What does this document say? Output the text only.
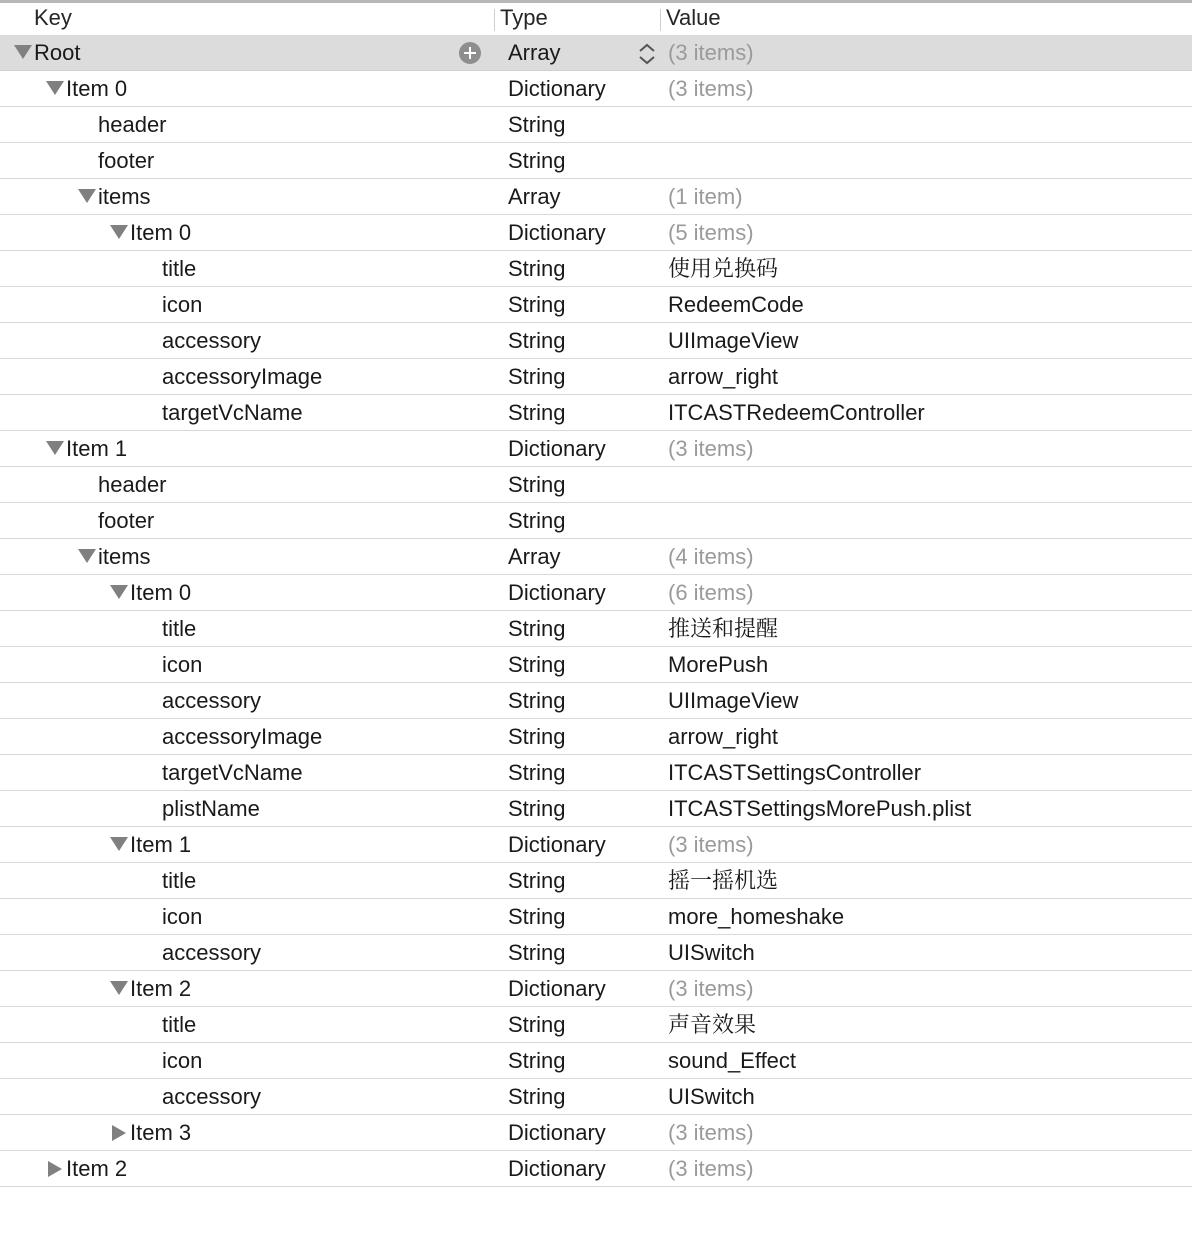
Key	Type	Value
Root	Array	(3 items)
Item 0	Dictionary	(3 items)
header	String
footer	String
items	Array	(1 item)
Item 0	Dictionary	(5 items)
title	String	使用兑换码
icon	String	RedeemCode
accessory	String	UIImageView
accessoryImage	String	arrow_right
targetVcName	String	ITCASTRedeemController
Item 1	Dictionary	(3 items)
header	String
footer	String
items	Array	(4 items)
Item 0	Dictionary	(6 items)
title	String	推送和提醒
icon	String	MorePush
accessory	String	UIImageView
accessoryImage	String	arrow_right
targetVcName	String	ITCASTSettingsController
plistName	String	ITCASTSettingsMorePush.plist
Item 1	Dictionary	(3 items)
title	String	摇一摇机选
icon	String	more_homeshake
accessory	String	UISwitch
Item 2	Dictionary	(3 items)
title	String	声音效果
icon	String	sound_Effect
accessory	String	UISwitch
Item 3	Dictionary	(3 items)
Item 2	Dictionary	(3 items)
